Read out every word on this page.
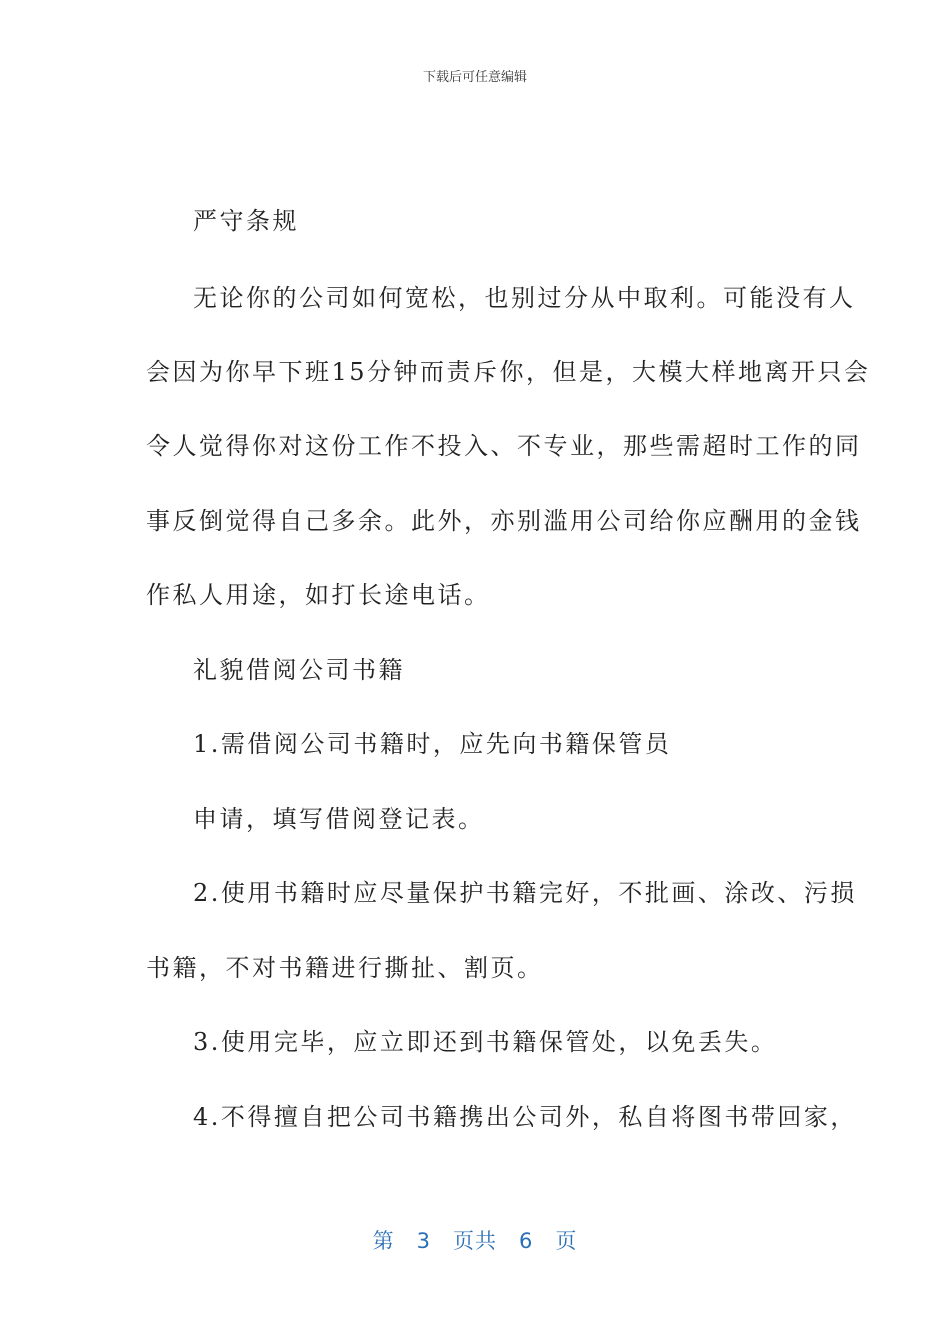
下载后可任意编辑
严守条规
无论你的公司如何宽松，也别过分从中取利。可能没有人
会因为你早下班15分钟而责斥你，但是，大模大样地离开只会
令人觉得你对这份工作不投入、不专业，那些需超时工作的同
事反倒觉得自己多余。此外，亦别滥用公司给你应酬用的金钱
作私人用途，如打长途电话。
礼貌借阅公司书籍
1.需借阅公司书籍时，应先向书籍保管员
申请，填写借阅登记表。
2.使用书籍时应尽量保护书籍完好，不批画、涂改、污损
书籍，不对书籍进行撕扯、割页。
3.使用完毕，应立即还到书籍保管处，以免丢失。
4.不得擅自把公司书籍携出公司外，私自将图书带回家，
第 3 页共 6 页
